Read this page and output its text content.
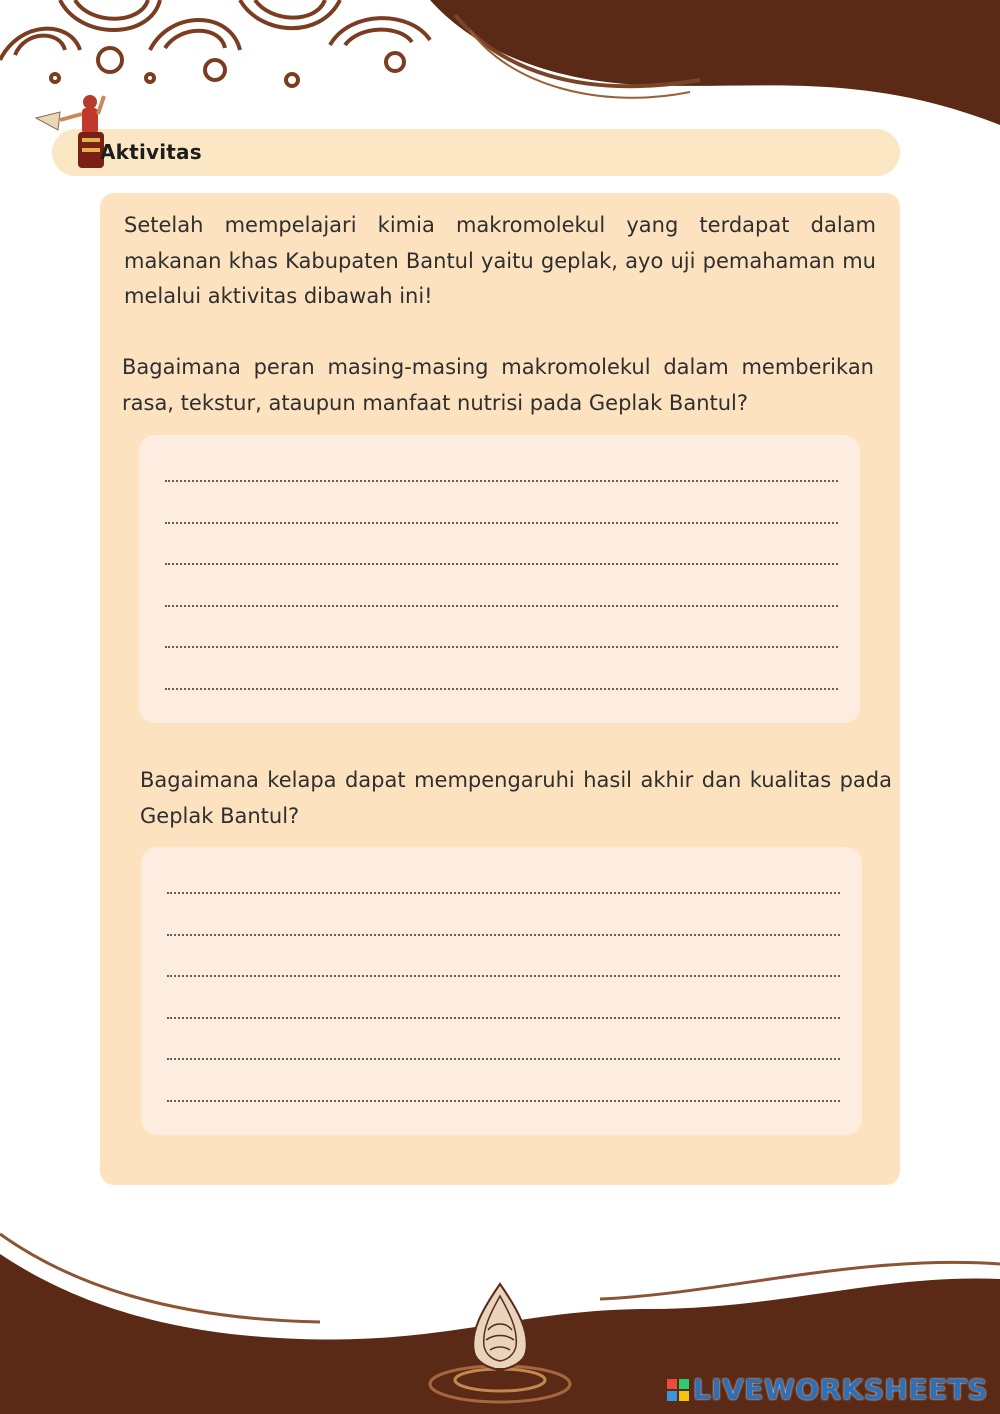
Aktivitas
Setelah mempelajari kimia makromolekul yang terdapat dalam makanan khas Kabupaten Bantul yaitu geplak, ayo uji pemahaman mu melalui aktivitas dibawah ini!
Bagaimana peran masing-masing makromolekul dalam memberikan rasa, tekstur, ataupun manfaat nutrisi pada Geplak Bantul?
Bagaimana kelapa dapat mempengaruhi hasil akhir dan kualitas pada Geplak Bantul?
LIVEWORKSHEETS
